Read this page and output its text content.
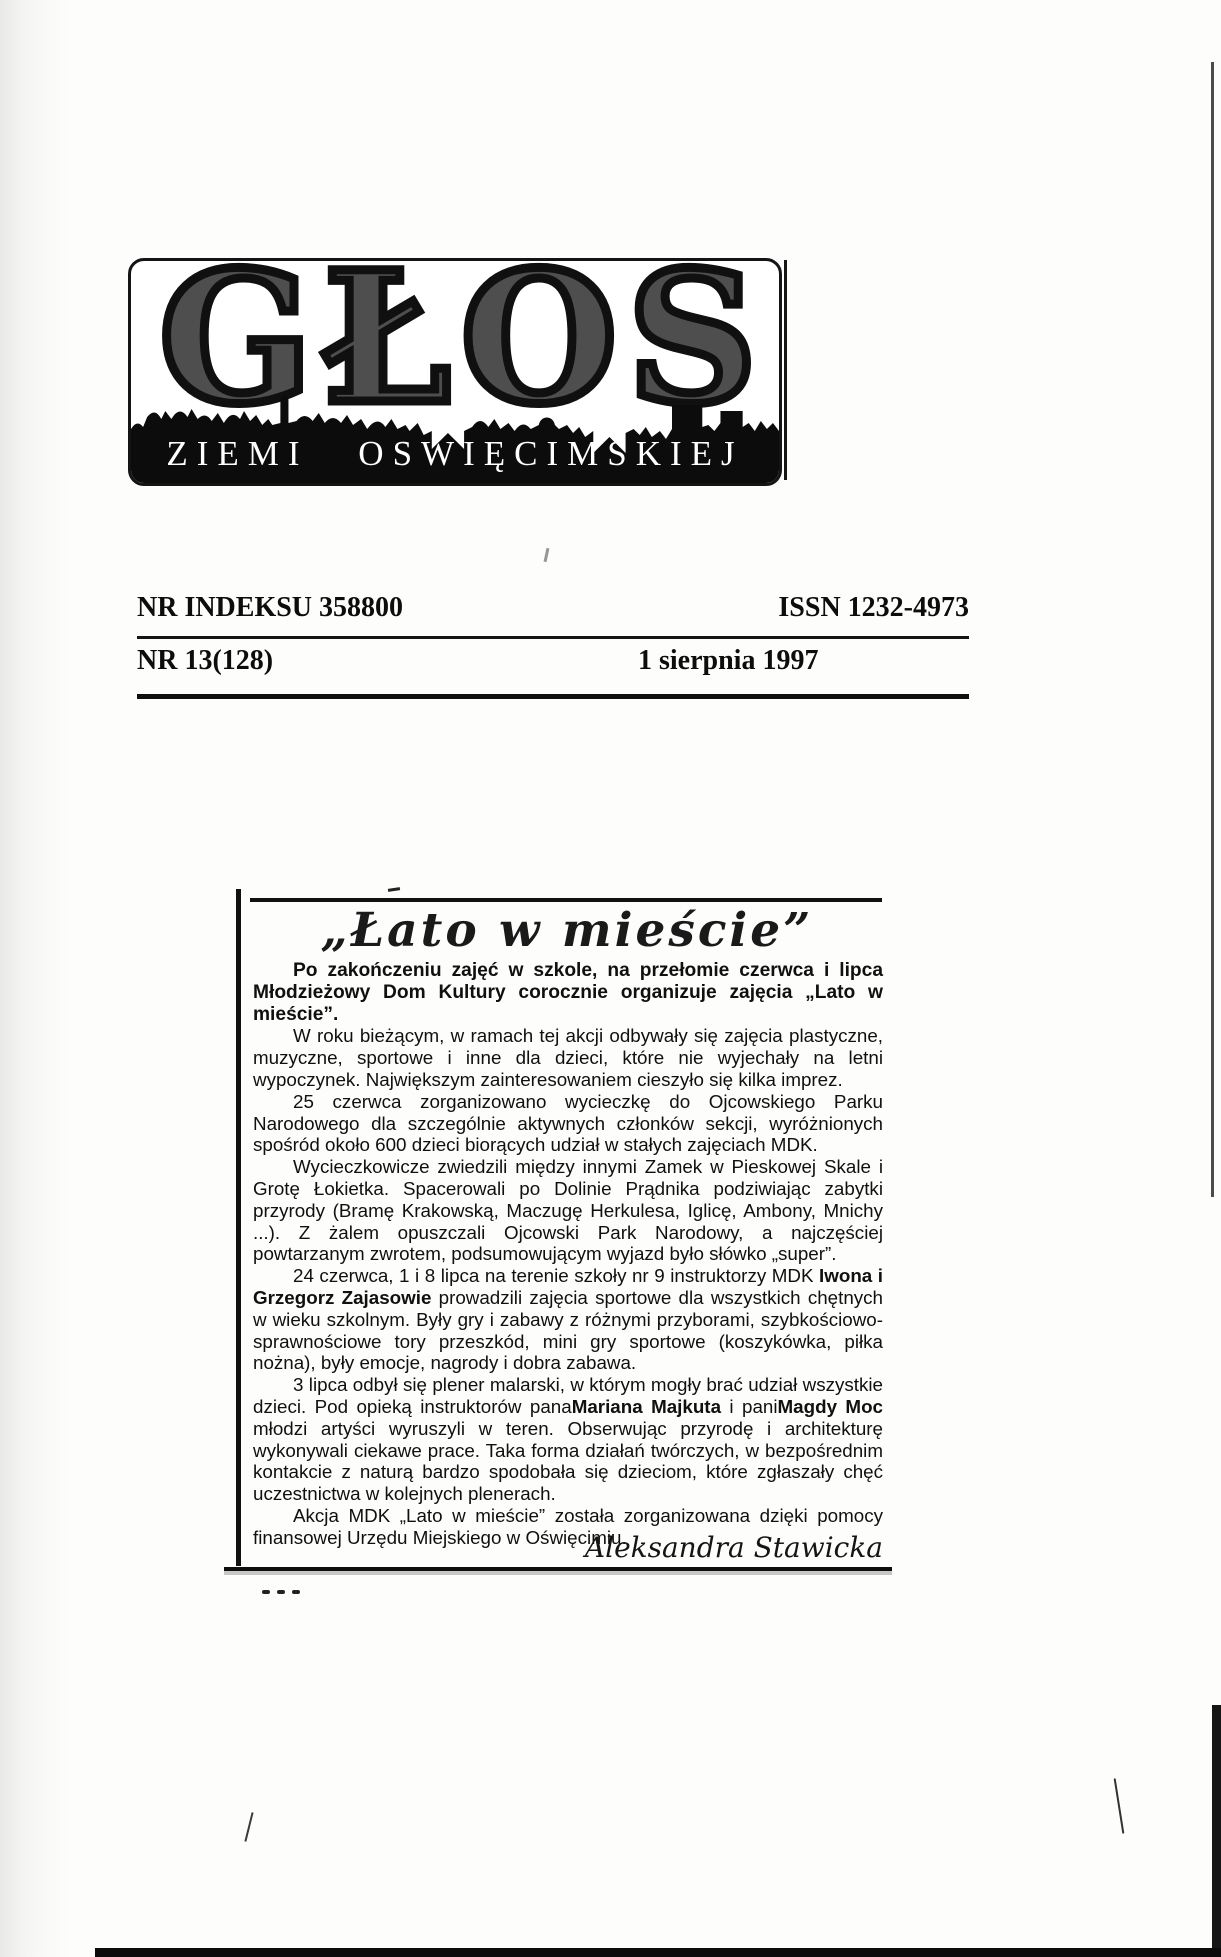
GŁOS
ZIEMI OSWIĘCIMSKIEJ
NR INDEKSU 358800	ISSN 1232-4973
NR 13(128)	1 sierpnia 1997
„Łato w mieście”

Po zakończeniu zajęć w szkole, na przełomie czerwca i lipca Młodzieżowy Dom Kultury corocznie organizuje zajęcia „Lato w mieście”.

W roku bieżącym, w ramach tej akcji odbywały się zajęcia plastyczne, muzyczne, sportowe i inne dla dzieci, które nie wyjechały na letni wypoczynek. Największym zainteresowaniem cieszyło się kilka imprez.

25 czerwca zorganizowano wycieczkę do Ojcowskiego Parku Narodowego dla szczególnie aktywnych członków sekcji, wyróżnionych spośród około 600 dzieci biorących udział w stałych zajęciach MDK.

Wycieczkowicze zwiedzili między innymi Zamek w Pieskowej Skale i Grotę Łokietka. Spacerowali po Dolinie Prądnika podziwiając zabytki przyrody (Bramę Krakowską, Maczugę Herkulesa, Iglicę, Ambony, Mnichy ...). Z żalem opuszczali Ojcowski Park Narodowy, a najczęściej powtarzanym zwrotem, podsumowującym wyjazd było słówko „super”.

24 czerwca, 1 i 8 lipca na terenie szkoły nr 9 instruktorzy MDK Iwona i Grzegorz Zajasowie prowadzili zajęcia sportowe dla wszystkich chętnych w wieku szkolnym. Były gry i zabawy z różnymi przyborami, szybkościowo-sprawnościowe tory przeszkód, mini gry sportowe (koszykówka, piłka nożna), były emocje, nagrody i dobra zabawa.

3 lipca odbył się plener malarski, w którym mogły brać udział wszystkie dzieci. Pod opieką instruktorów panaMariana Majkuta i paniMagdy Moc młodzi artyści wyruszyli w teren. Obserwując przyrodę i architekturę wykonywali ciekawe prace. Taka forma działań twórczych, w bezpośrednim kontakcie z naturą bardzo spodobała się dzieciom, które zgłaszały chęć uczestnictwa w kolejnych plenerach.

Akcja MDK „Lato w mieście” została zorganizowana dzięki pomocy finansowej Urzędu Miejskiego w Oświęcimiu.

Aleksandra Stawicka
